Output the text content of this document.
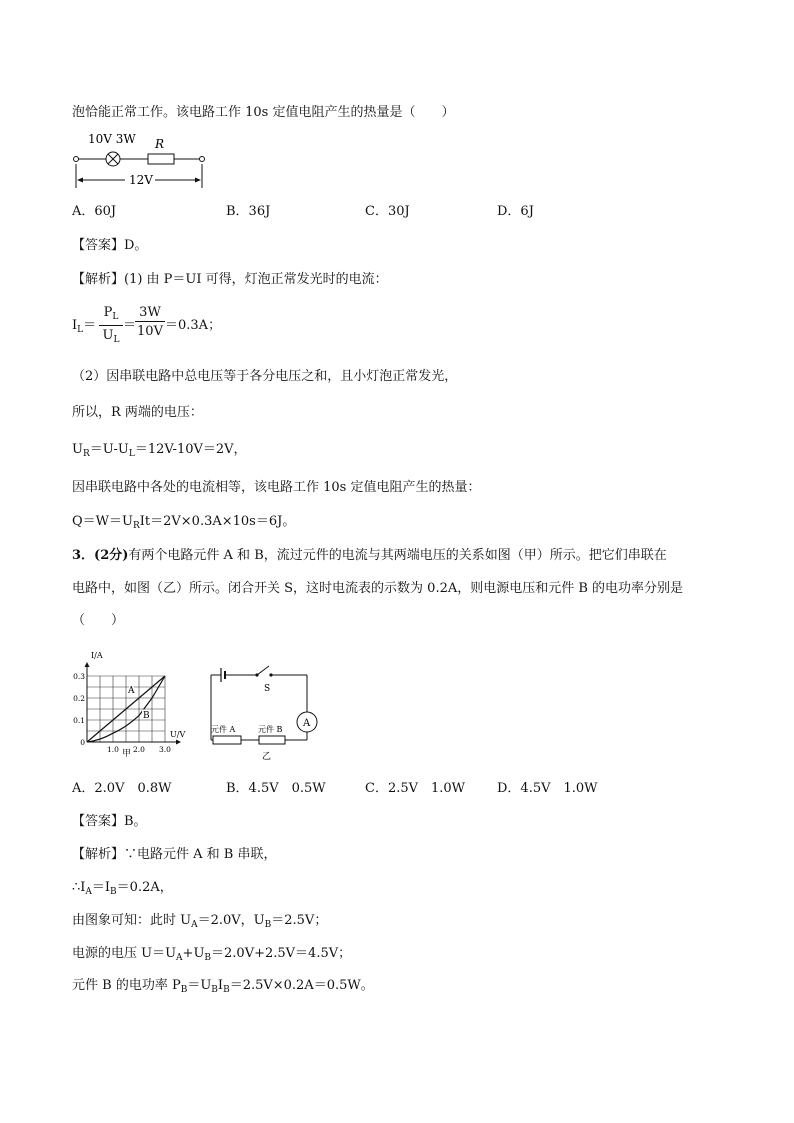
泡恰能正常工作。该电路工作 10s 定值电阻产生的热量是（　　）
10V 3W R
12V
A．60J	B．36J	C．30J	D．6J
【答案】D。
【解析】(1) 由 P＝UI 可得，灯泡正常发光时的电流：
$I_L= \frac{P_L}{U_L}$ ＝
$\frac{3W}{10V} =0.3A$；
（2）因串联电路中总电压等于各分电压之和，且小灯泡正常发光，
所以，R 两端的电压：
$U_R=U-U_L=12V-10V=2V$，
因串联电路中各处的电流相等，该电路工作 10s 定值电阻产生的热量：
$Q=W=U_RIt=2V\times 0.3A\times 10s=6J$。
3．(2分)有两个电路元件 A 和 B，流过元件的电流与其两端电压的关系如图（甲）所示。把它们串联在
电路中，如图（乙）所示。闭合开关 S，这时电流表的示数为 0.2A，则电源电压和元件 B 的电功率分别是
（　　）
0.3
0.2
0.1
0
1.0 2.0 3.0
A
B
I/A
U/V
甲
S
A
元件 B
元件 A
乙
A．2.0V　0.8W	B．4.5V　0.5W	C．2.5V　1.0W D．4.5V　1.0W
【答案】B。
【解析】∵电路元件 A 和 B 串联，
$\therefore I_A=I_B=0.2A$，
由图象可知：此时 $U_A=2.0V$，$U_B=2.5V$；
电源的电压 $U=U_A+U_B=2.0V+2.5V=4.5V$；
元件 B 的电功率 $P_B=U_BI_B=2.5V\times 0.2A=0.5W$。
